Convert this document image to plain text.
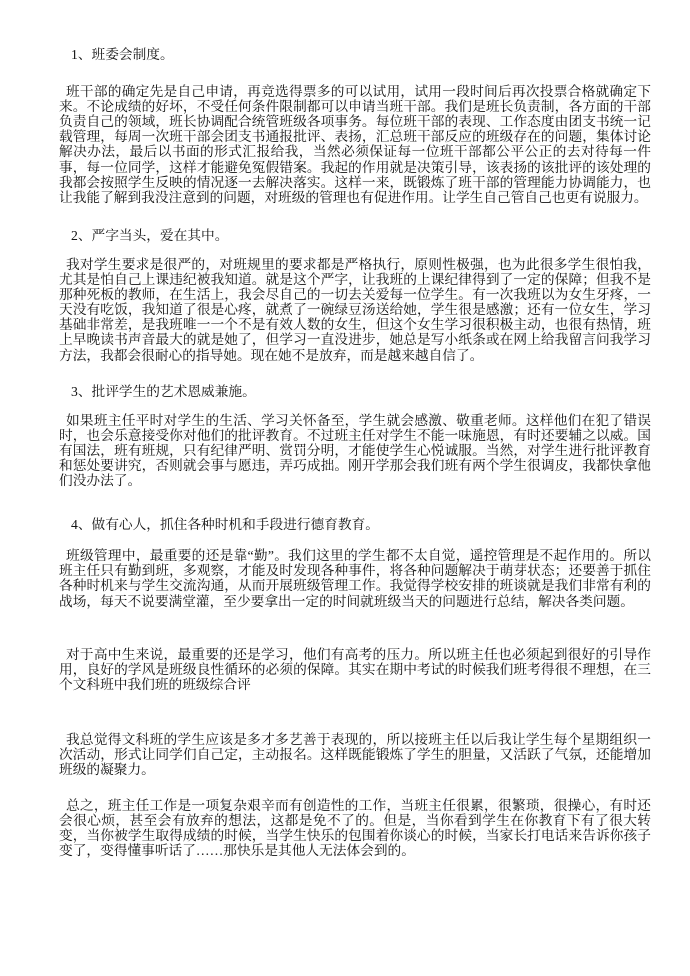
1、班委会制度。

班干部的确定先是自己申请，再竞选得票多的可以试用，试用一段时间后再次投票合格就确定下来。不论成绩的好坏，不受任何条件限制都可以申请当班干部。我们是班长负责制，各方面的干部负责自己的领域，班长协调配合统管班级各项事务。每位班干部的表现、工作态度由团支书统一记载管理，每周一次班干部会团支书通报批评、表扬，汇总班干部反应的班级存在的问题，集体讨论解决办法，最后以书面的形式汇报给我，当然必须保证每一位班干部都公平公正的去对待每一件事，每一位同学，这样才能避免冤假错案。我起的作用就是决策引导，该表扬的该批评的该处理的我都会按照学生反映的情况逐一去解决落实。这样一来，既锻炼了班干部的管理能力协调能力，也让我能了解到我没注意到的问题，对班级的管理也有促进作用。让学生自己管自己也更有说服力。

2、严字当头，爱在其中。

我对学生要求是很严的，对班规里的要求都是严格执行，原则性极强，也为此很多学生很怕我，尤其是怕自己上课违纪被我知道。就是这个严字，让我班的上课纪律得到了一定的保障；但我不是那种死板的教师，在生活上，我会尽自己的一切去关爱每一位学生。有一次我班以为女生牙疼，一天没有吃饭，我知道了很是心疼，就煮了一碗绿豆汤送给她，学生很是感激；还有一位女生，学习基础非常差，是我班唯一一个不是有效人数的女生，但这个女生学习很积极主动，也很有热情，班上早晚读书声音最大的就是她了，但学习一直没进步，她总是写小纸条或在网上给我留言问我学习方法，我都会很耐心的指导她。现在她不是放弃，而是越来越自信了。

3、批评学生的艺术恩威兼施。

如果班主任平时对学生的生活、学习关怀备至，学生就会感激、敬重老师。这样他们在犯了错误时，也会乐意接受你对他们的批评教育。不过班主任对学生不能一味施恩，有时还要辅之以威。国有国法，班有班规，只有纪律严明、赏罚分明，才能使学生心悦诚服。当然，对学生进行批评教育和惩处要讲究，否则就会事与愿违，弄巧成拙。刚开学那会我们班有两个学生很调皮，我都快拿他们没办法了。

4、做有心人，抓住各种时机和手段进行德育教育。

班级管理中，最重要的还是靠“勤”。我们这里的学生都不太自觉，遥控管理是不起作用的。所以班主任只有勤到班，多观察，才能及时发现各种事件，将各种问题解决于萌芽状态；还要善于抓住各种时机来与学生交流沟通，从而开展班级管理工作。我觉得学校安排的班谈就是我们非常有利的战场，每天不说要满堂灌，至少要拿出一定的时间就班级当天的问题进行总结，解决各类问题。

对于高中生来说，最重要的还是学习，他们有高考的压力。所以班主任也必须起到很好的引导作用，良好的学风是班级良性循环的必须的保障。其实在期中考试的时候我们班考得很不理想，在三个文科班中我们班的班级综合评

我总觉得文科班的学生应该是多才多艺善于表现的，所以接班主任以后我让学生每个星期组织一次活动，形式让同学们自己定，主动报名。这样既能锻炼了学生的胆量，又活跃了气氛，还能增加班级的凝聚力。

总之，班主任工作是一项复杂艰辛而有创造性的工作，当班主任很累，很繁琐，很操心，有时还会很心烦，甚至会有放弃的想法，这都是免不了的。但是，当你看到学生在你教育下有了很大转变，当你被学生取得成绩的时候，当学生快乐的包围着你谈心的时候，当家长打电话来告诉你孩子变了，变得懂事听话了……那快乐是其他人无法体会到的。
